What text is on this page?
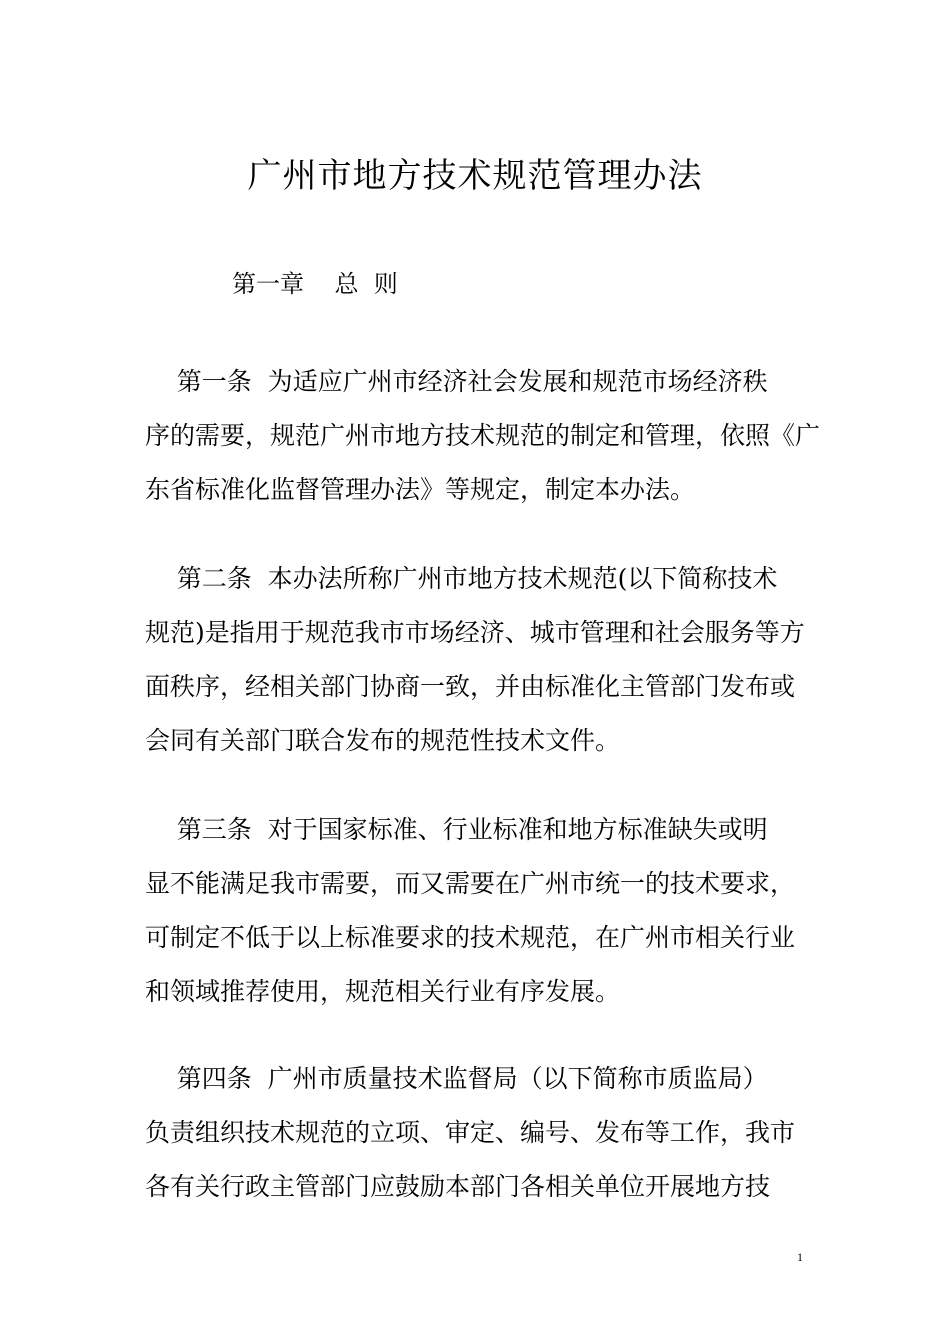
广州市地方技术规范管理办法
第一章    总  则
第一条  为适应广州市经济社会发展和规范市场经济秩
序的需要，规范广州市地方技术规范的制定和管理，依照《广
东省标准化监督管理办法》等规定，制定本办法。
第二条  本办法所称广州市地方技术规范(以下简称技术
规范)是指用于规范我市市场经济、城市管理和社会服务等方
面秩序，经相关部门协商一致，并由标准化主管部门发布或
会同有关部门联合发布的规范性技术文件。
第三条  对于国家标准、行业标准和地方标准缺失或明
显不能满足我市需要，而又需要在广州市统一的技术要求，
可制定不低于以上标准要求的技术规范，在广州市相关行业
和领域推荐使用，规范相关行业有序发展。
第四条  广州市质量技术监督局（以下简称市质监局）
负责组织技术规范的立项、审定、编号、发布等工作，我市
各有关行政主管部门应鼓励本部门各相关单位开展地方技
1
